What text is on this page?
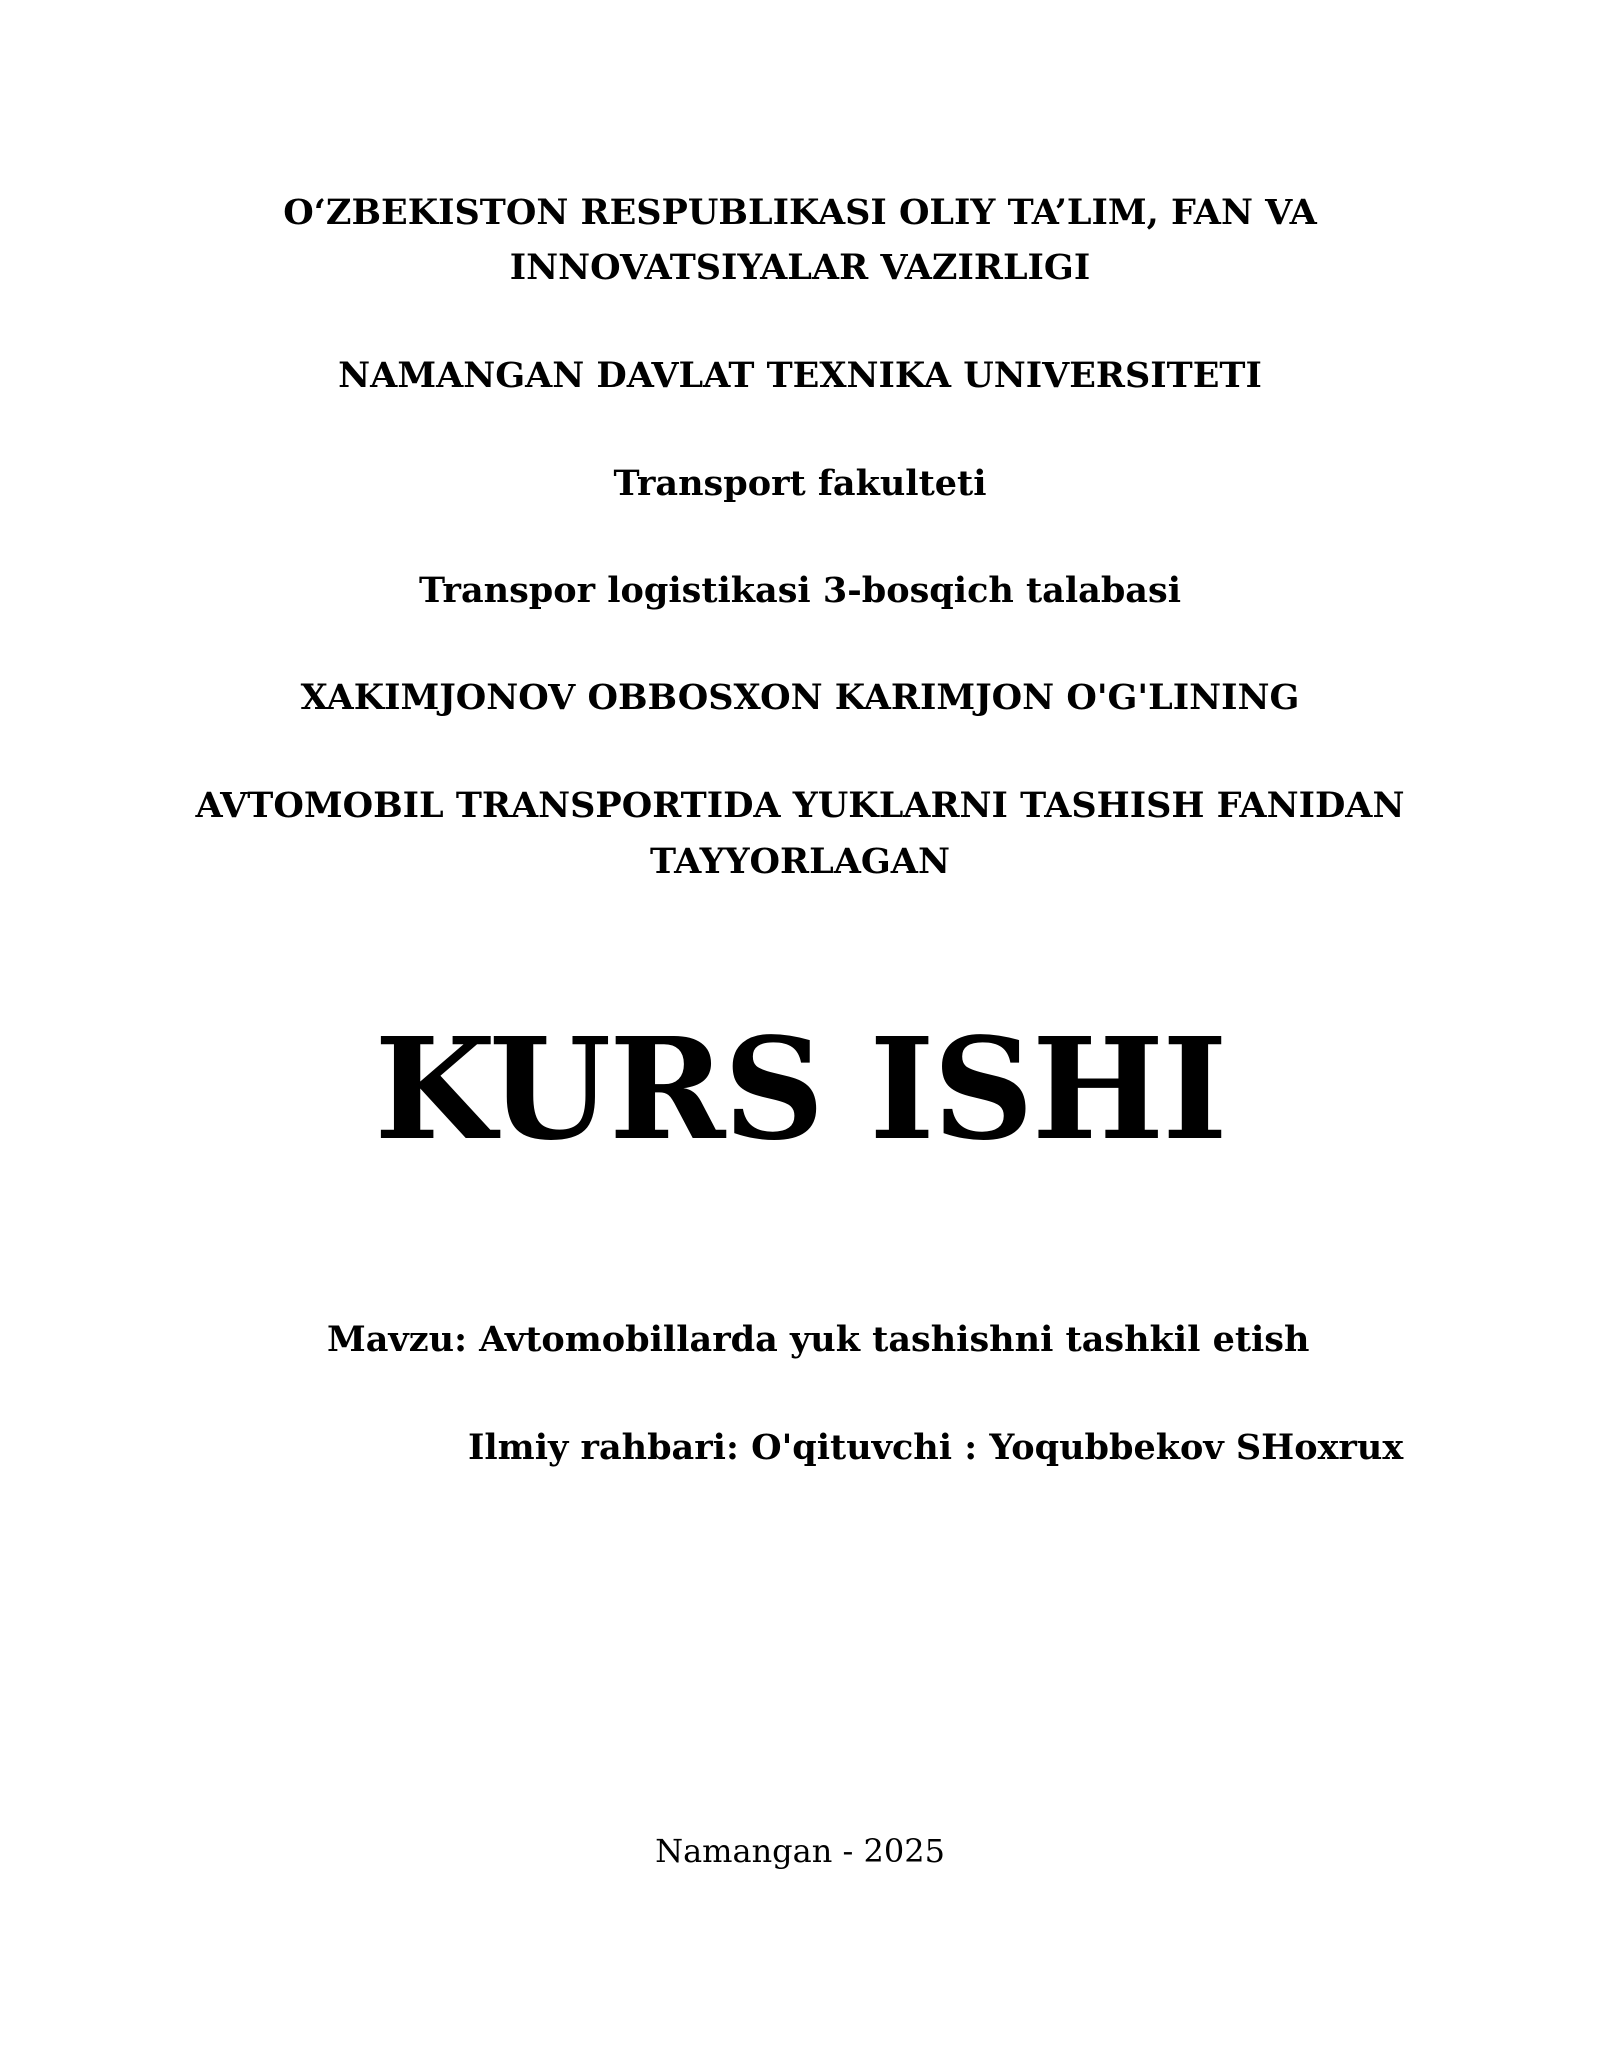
O‘ZBEKISTON RESPUBLIKASI OLIY TA’LIM, FAN VA
INNOVATSIYALAR VAZIRLIGI
NAMANGAN DAVLAT TEXNIKA UNIVERSITETI
Transport fakulteti
Transpor logistikasi 3-bosqich talabasi
XAKIMJONOV OBBOSXON KARIMJON O'G'LINING
AVTOMOBIL TRANSPORTIDA YUKLARNI TASHISH FANIDAN
TAYYORLAGAN
KURS ISHI
Mavzu: Avtomobillarda yuk tashishni tashkil etish
Ilmiy rahbari: O'qituvchi : Yoqubbekov SHoxrux
Namangan - 2025
